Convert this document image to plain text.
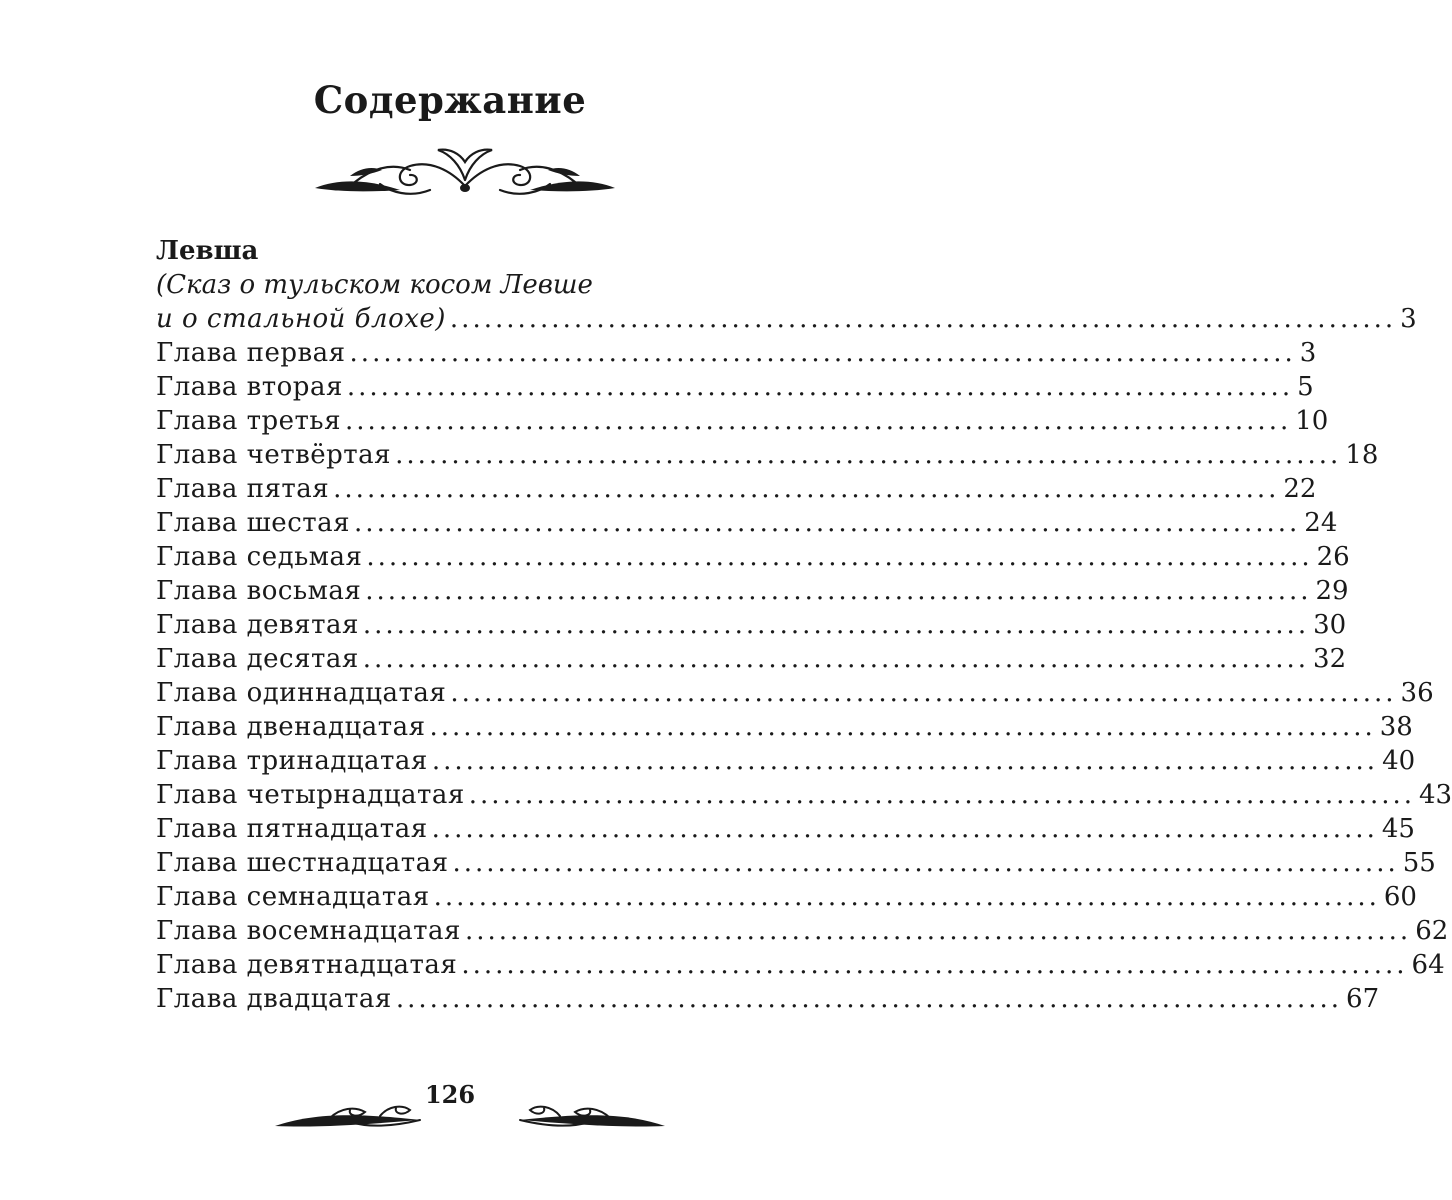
Содержание
Левша
(Сказ о тульском косом Левше
и о стальной блохе) .................................................................................... 3
Глава первая .................................................................................... 3
Глава вторая .................................................................................... 5
Глава третья .................................................................................... 10
Глава четвёртая .................................................................................... 18
Глава пятая .................................................................................... 22
Глава шестая .................................................................................... 24
Глава седьмая .................................................................................... 26
Глава восьмая .................................................................................... 29
Глава девятая .................................................................................... 30
Глава десятая .................................................................................... 32
Глава одиннадцатая .................................................................................... 36
Глава двенадцатая .................................................................................... 38
Глава тринадцатая .................................................................................... 40
Глава четырнадцатая .................................................................................... 43
Глава пятнадцатая .................................................................................... 45
Глава шестнадцатая .................................................................................... 55
Глава семнадцатая .................................................................................... 60
Глава восемнадцатая .................................................................................... 62
Глава девятнадцатая .................................................................................... 64
Глава двадцатая .................................................................................... 67
126
